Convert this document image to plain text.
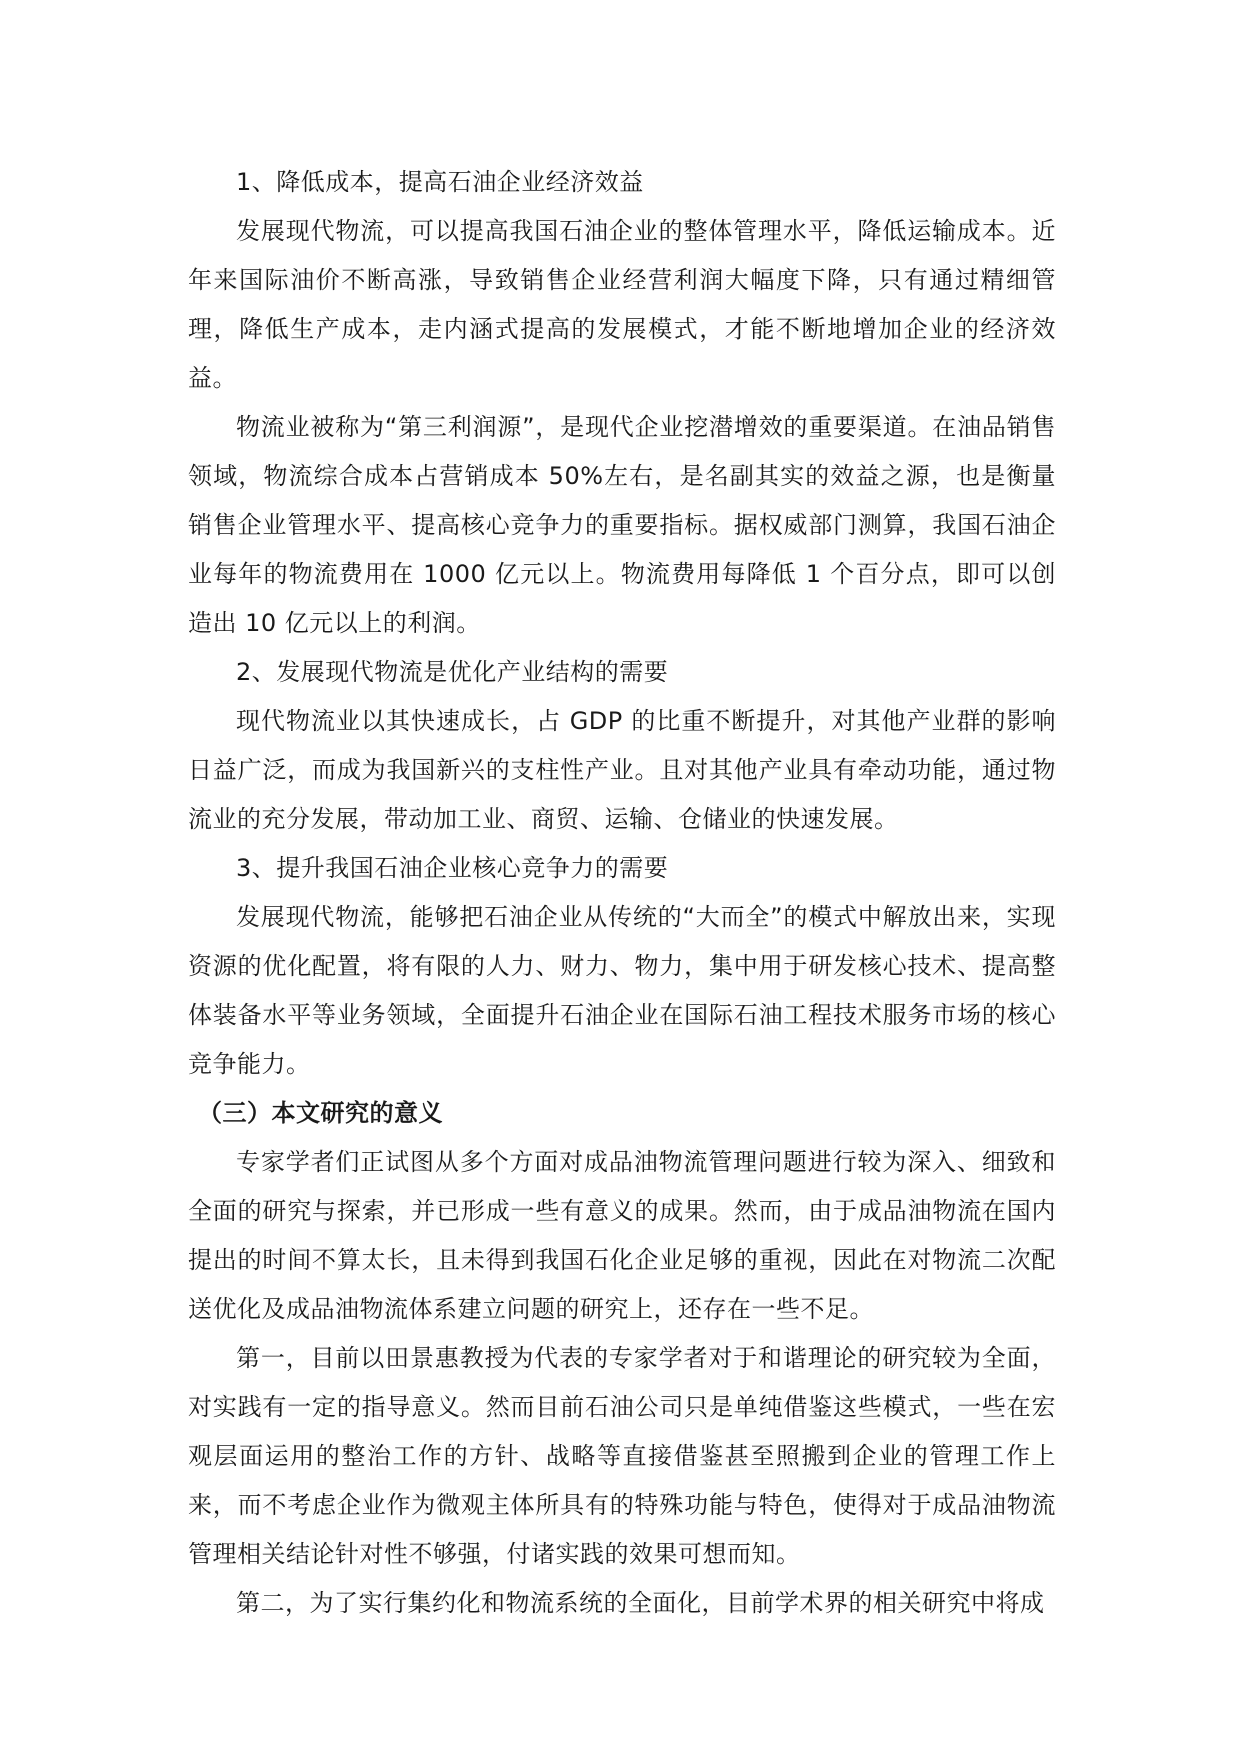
1、降低成本，提高石油企业经济效益

发展现代物流，可以提高我国石油企业的整体管理水平，降低运输成本。近年来国际油价不断高涨，导致销售企业经营利润大幅度下降，只有通过精细管理，降低生产成本，走内涵式提高的发展模式，才能不断地增加企业的经济效益。

物流业被称为“第三利润源”，是现代企业挖潜增效的重要渠道。在油品销售领域，物流综合成本占营销成本 50%左右，是名副其实的效益之源，也是衡量销售企业管理水平、提高核心竞争力的重要指标。据权威部门测算，我国石油企业每年的物流费用在 1000 亿元以上。物流费用每降低 1 个百分点，即可以创造出 10 亿元以上的利润。

2、发展现代物流是优化产业结构的需要

现代物流业以其快速成长，占 GDP 的比重不断提升，对其他产业群的影响日益广泛，而成为我国新兴的支柱性产业。且对其他产业具有牵动功能，通过物流业的充分发展，带动加工业、商贸、运输、仓储业的快速发展。

3、提升我国石油企业核心竞争力的需要

发展现代物流，能够把石油企业从传统的“大而全”的模式中解放出来，实现资源的优化配置，将有限的人力、财力、物力，集中用于研发核心技术、提高整体装备水平等业务领域，全面提升石油企业在国际石油工程技术服务市场的核心竞争能力。

（三）本文研究的意义

专家学者们正试图从多个方面对成品油物流管理问题进行较为深入、细致和全面的研究与探索，并已形成一些有意义的成果。然而，由于成品油物流在国内提出的时间不算太长，且未得到我国石化企业足够的重视，因此在对物流二次配送优化及成品油物流体系建立问题的研究上，还存在一些不足。

第一，目前以田景惠教授为代表的专家学者对于和谐理论的研究较为全面，对实践有一定的指导意义。然而目前石油公司只是单纯借鉴这些模式，一些在宏观层面运用的整治工作的方针、战略等直接借鉴甚至照搬到企业的管理工作上来，而不考虑企业作为微观主体所具有的特殊功能与特色，使得对于成品油物流管理相关结论针对性不够强，付诸实践的效果可想而知。

第二，为了实行集约化和物流系统的全面化，目前学术界的相关研究中将成
